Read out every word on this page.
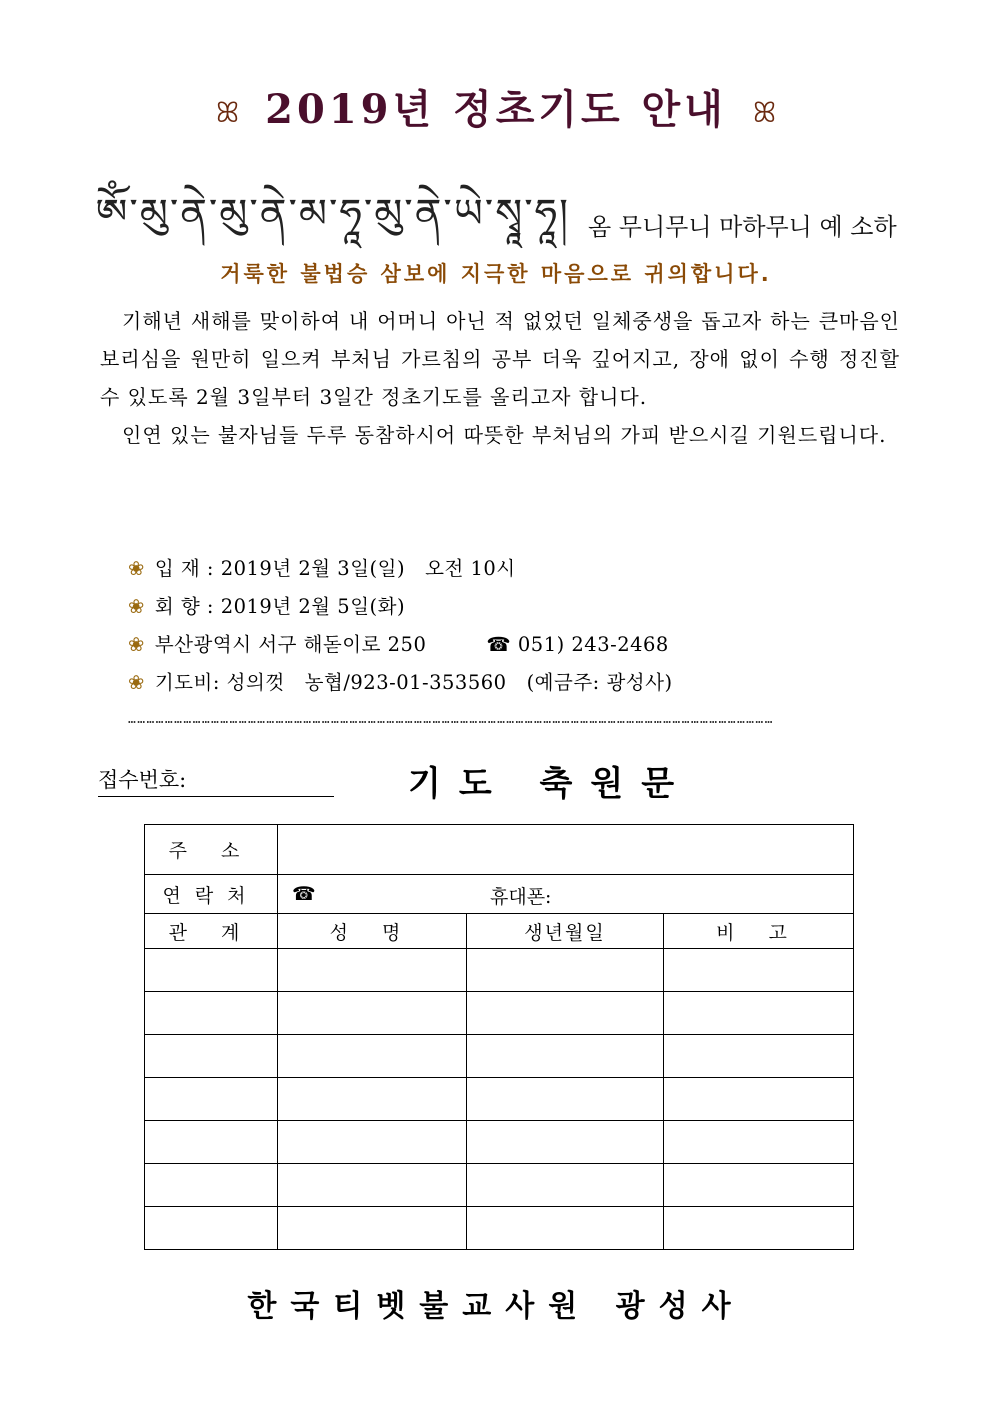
ꕤ 2019년 정초기도 안내 ꕤ
ༀ་མུ་ནེ་མུ་ནེ་མ་ཧཱ་མུ་ནེ་ཡེ་སྭཱ་ཧཱ། 옴 무니무니 마하무니 예 소하
거룩한 불법승 삼보에 지극한 마음으로 귀의합니다.

기해년 새해를 맞이하여 내 어머니 아닌 적 없었던 일체중생을 돕고자 하는 큰마음인 보리심을 원만히 일으켜 부처님 가르침의 공부 더욱 깊어지고, 장애 없이 수행 정진할 수 있도록 2월 3일부터 3일간 정초기도를 올리고자 합니다.

인연 있는 불자님들 두루 동참하시어 따뜻한 부처님의 가피 받으시길 기원드립니다.

❀ 입 재 : 2019년 2월 3일(일) 오전 10시
❀ 회 향 : 2019년 2월 5일(화)
❀ 부산광역시 서구 해돋이로 250	☎ 051) 243-2468
❀ 기도비: 성의껏 농협/923-01-353560 (예금주: 광성사)
…………………………………………………………………………………………………………………………………………………………………………………………
접수번호:	기도 축원문
주 소			
연락처	☎ 휴대폰:		

관 계	성 명	생년월일	비 고

한국티벳불교사원 광성사
